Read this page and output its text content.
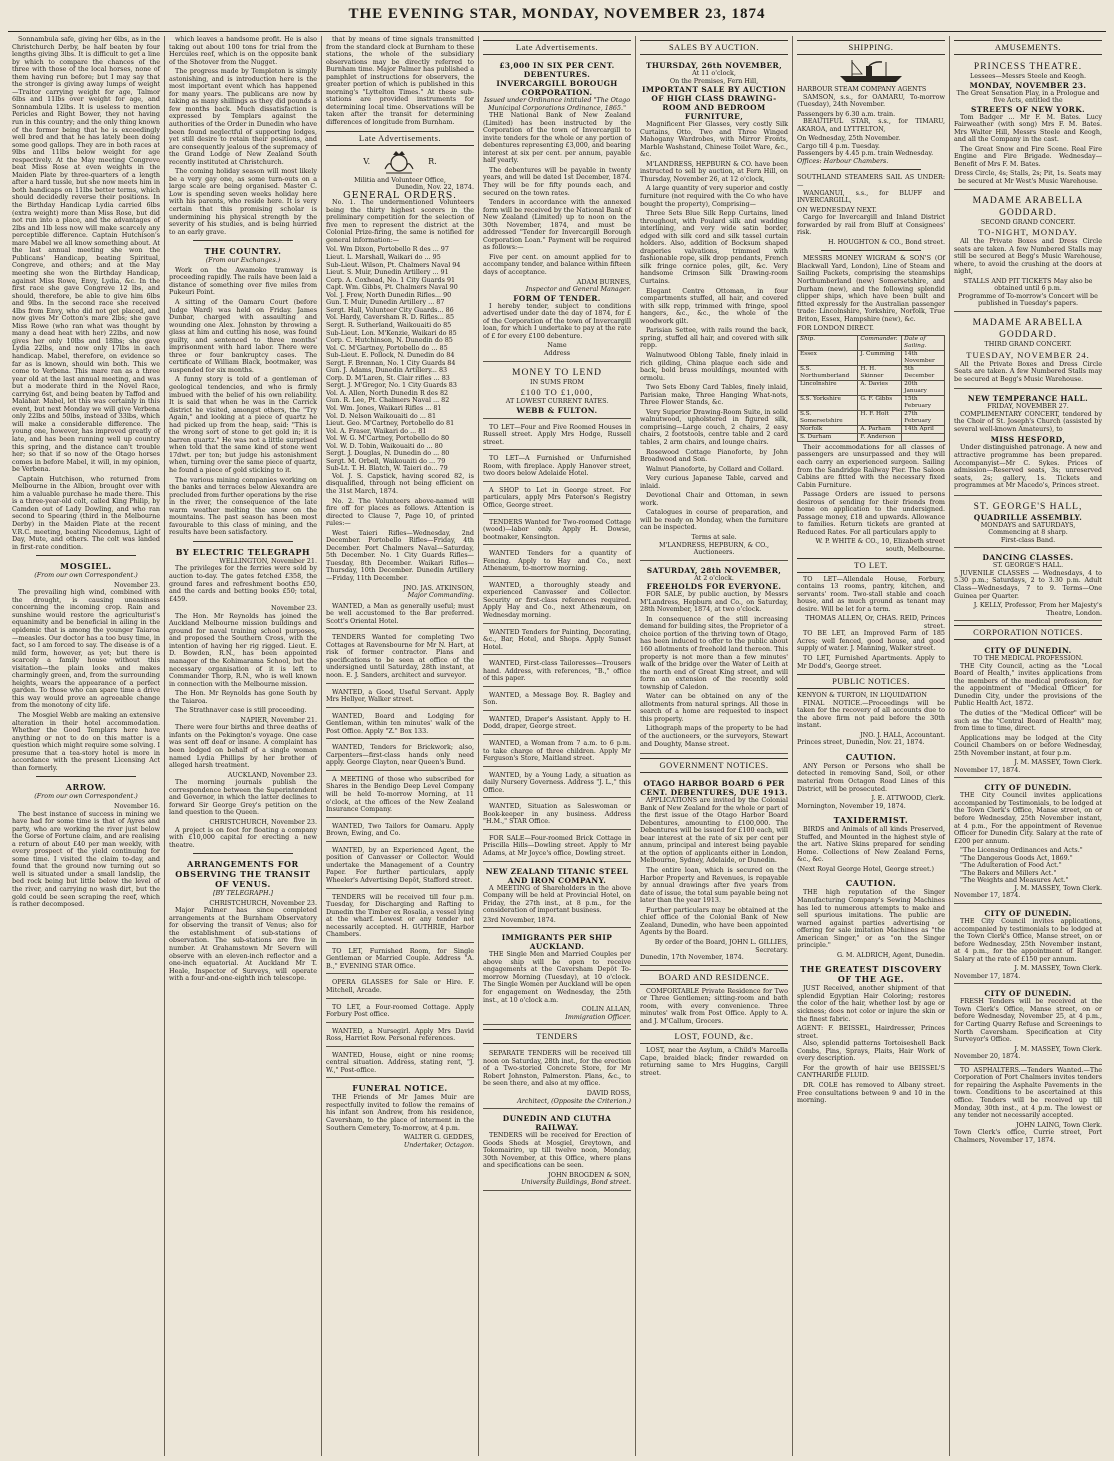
THE EVENING STAR, MONDAY, NOVEMBER 23, 1874

Sonnambula safe, giving her 6lbs, as in the Christchurch Derby, be half beaten by four lengths giving 3lbs. It is difficult to get a line by which to compare the chances of the three with those of the local horses, none of them having run before; but I may say that the stronger is giving away lumps of weight—Traitor carrying weight for age, Talmor 6lbs and 11lbs over weight for age, and Sonnambula 12lbs. It is useless to mention Pericles and Right Bower, they not having run in this country; and the only thing known of the former being that he is exceedingly well bred and that he has lately been doing some good gallops. They are in both races at 9lbs and 11lbs below weight for age respectively. At the May meeting Congreve beat Miss Rose at even weights in the Maiden Plate by three-quarters of a length after a hard tussle, but she now meets him in both handicaps on 11lbs better terms, which should decidedly reverse their positions. In the Birthday Handicap Lydia carried 6lbs (extra weight) more than Miss Rose, but did not run into a place, and the advantages of 2lbs and 1lb less now will make scarcely any perceptible difference. Captain Hutchison's mare Mabel we all know something about. At the last annual meeting she won the Publicans' Handicap, beating Spiritual, Congreve, and others; and at the May meeting she won the Birthday Handicap, against Miss Rowe, Envy, Lydia, &c. In the first race she gave Congreve 12 lbs, and should, therefore, be able to give him 6lbs and 9lbs. In the second race she received 4lbs from Envy, who did not get placed, and now gives Mr Cotton's mare 2lbs; she gave Miss Rowe (who ran what was thought by many a dead heat with her) 22lbs, and now gives her only 10lbs and 18lbs; she gave Lydia 22lbs, and now only 17lbs in each handicap. Mabel, therefore, on evidence so far as is known, should win both. This we come to Verbena. This mare ran as a three year old at the last annual meeting, and was but a moderate third in the Novel Race, carrying 6st, and being beaten by Taffod and Malahar. Mabel, let this was certainly in this event, but next Monday we will give Verbena only 22lbs and 50lbs, instead of 33lbs, which will make a considerable difference. The young one, however, has improved greatly of late, and has been running well up country this spring, and the distance can't trouble her; so that if so now of the Otago horses comes in before Mabel, it will, in my opinion, be Verbena.

Captain Hutchison, who returned from Melbourne in the Albion, brought over with him a valuable purchase he made there. This is a three-year-old colt, called King Philip, by Camden out of Lady Dowling, and who ran second to Spearing (third in the Melbourne Derby) in the Maiden Plate at the recent V.R.C. meeting, beating Nicodemus, Light of Day, Mute, and others. The colt was landed in first-rate condition.

MOSGIEL.
(From our own Correspondent.)
November 23.

The prevailing high wind, combined with the drought, is causing uneasiness concerning the incoming crop. Rain and sunshine would restore the agriculturist's equanimity and be beneficial in ailing in the epidemic that is among the younger Taiaroa—measles. Our doctor has a too busy time, in fact, so I am forced to say. The disease is of a mild form, however, as yet; but there is scarcely a family house without this visitation—the plain looks and makes charmingly green, and, from the surrounding heights, wears the appearance of a perfect garden. To those who can spare time a drive this way would prove an agreeable change from the monotony of city life.

The Mosgiel Webb are making an extensive alteration in their hotel accommodation. Whether the Good Templars here have anything or not to do on this matter is a question which might require some solving. I presume that a tea-story hotel is more in accordance with the present Licensing Act than formerly.

ARROW.
(From our own Correspondent.)
November 16.

The best instance of success in mining we have had for some time is that of Ayres and party, who are working the river just below the Gorse of Fortune claim, and are realising a return of about £40 per man weekly, with every prospect of the yield continuing for some time. I visited the claim to-day, and found that the ground now turning out so well is situated under a small landslip, the bed rock being but little below the level of the river, and carrying no wash dirt, but the gold could be seen scraping the reef, which is rather decomposed.

which leaves a handsome profit. He is also taking out about 100 tons for trial from the Hercules reef, which is on the opposite bank of the Shotover from the Nugget.

The progress made by Templeton is simply astonishing, and is introduction here is the most important event which has happened for many years. The publicans are now by taking as many shillings as they did pounds a few months back. Much dissatisfaction is expressed by Templars against the authorities of the Order in Dunedin who have been found neglectful of supporting lodges, yet still desire to retain their positions, and are consequently jealous of the supremacy of the Grand Lodge of New Zealand South recently instituted at Christchurch.

The coming holiday season will most likely be a very gay one, as some turn-outs on a large scale are being organised. Master C. Low is spending seven weeks holiday here with his parents, who reside here. It is very certain that this promising scholar is undermining his physical strength by the severity of his studies, and is being hurried to an early grave.

THE COUNTRY.
(From our Exchanges.)

Work on the Awamoko tramway is proceeding rapidly. The rails have been laid a distance of something over five miles from Pukeuri Point.

A sitting of the Oamaru Court (before Judge Ward) was held on Friday. James Dunbar, charged with assaulting and wounding one Alex. Johnston by throwing a glass at him and cutting his nose, was found guilty, and sentenced to three months' imprisonment with hard labor. There were three or four bankruptcy cases. The certificate of William Black, bootmaker, was suspended for six months.

A funny story is told of a gentleman of geological tendencies, and who is firmly imbued with the belief of his own reliability. It is said that when he was in the Carrick district he visited, amongst others, the "Try Again," and looking at a piece of quartz he had picked up from the heap, said: "This is the wrong sort of stone to get gold in; it is barren quartz." He was not a little surprised when told that the same kind of stone went 17dwt. per ton; but judge his astonishment when, turning over the same piece of quartz, he found a piece of gold sticking to it.

The various mining companies working on the banks and terraces below Alexandra are precluded from further operations by the rise in the river, the consequence of the late warm weather melting the snow on the mountains. The past season has been most favourable to this class of mining, and the results have been satisfactory.

BY ELECTRIC TELEGRAPH
WELLINGTON, November 21.

The privileges for the ferries were sold by auction to-day. The gates fetched £358, the ground fares and refreshment booths £50, and the cards and betting books £50; total, £459.

November 23.

The Hon. Mr Reynolds has joined the Auckland Melbourne mission buildings and ground for naval training school purposes, and proposed the Southern Cross, with the intention of having her rig rigged. Lieut. E. D. Bowden, R.N., has been appointed manager of the Kohimarama School, but the necessary organisation of it is left to Commander Thorp, R.N., who is well known in connection with the Melbourne mission.

The Hon. Mr Reynolds has gone South by the Taiaroa.

The Strathnaver case is still proceeding.

NAPIER, November 21.

There were four births and three deaths of infants on the Pekington's voyage. One case was sent off deaf or insane. A complaint has been lodged on behalf of a single woman named Lydia Phillips by her brother of alleged harsh treatment.

AUCKLAND, November 23.

The morning journals publish the correspondence between the Superintendent and Governor, in which the latter declines to forward Sir George Grey's petition on the land question to the Queen.

CHRISTCHURCH, November 23.

A project is on foot for floating a company with £10,000 capital for erecting a new theatre.

ARRANGEMENTS FOR OBSERVING THE TRANSIT OF VENUS.
[BY TELEGRAPH.]
CHRISTCHURCH, November 23.

Major Palmer has since completed arrangements at the Burnham Observatory for observing the transit of Venus; also for the establishment of sub-stations of observation. The sub-stations are five in number. At Grahamstown Mr Severn will observe with an eleven-inch reflector and a one-inch equatorial. At Auckland Mr T. Heale, Inspector of Surveys, will operate with a four-and-one-eighth inch telescope.

that by means of time signals transmitted from the standard clock at Burnham to these stations, the whole of the subsidiary observations may be directly referred to Burnham time. Major Palmer has published a pamphlet of instructions for observers, the greater portion of which is published in this morning's "Lyttelton Times." At these sub-stations are provided instruments for determining local time. Observations will be taken after the transit for determining differences of longitude from Burnham.

Late Advertisements.
V.	R.
Militia and Volunteer Office,
Dunedin, Nov. 22, 1874.
GENERAL ORDERS.

No. 1. The undermentioned Volunteers being the thirty highest scorers in the preliminary competition for the selection of five men to represent the district at the Colonial Prize-firing, the same is notified for general information:—

Vol. Wm Dixon, Portobello R des ... 97
Lieut. L. Marshall, Waikari do ... 95
Sub-Lieut. Wilson, Pt. Chalmers Naval 94
Lieut. S. Muir, Dunedin Artillery ... 91
Corp. A. Coxhead, No. 1 City Guards 91
Capt. Wm. Gibbs, Pt. Chalmers Naval 90
Vol. J. Frew, North Dunedin Rifles... 90
Gun. T. Muir, Dunedin Artillery ... 87
Sergt. Hall, Volunteer City Guards... 86
Vol. Hardy, Caversham R. D. Rifles... 85
Sergt. R. Sutherland, Waikouaiti do 85
Sub-Lieut. Lon. M'Kenzie, Waikari do 85
Corp. C. Hutchinson, N. Dunedin do 85
Vol. C. M'Gartney, Portobello do ... 85
Sub-Lieut. E. Pollock, N. Dunedin do 84
Sergt. F. Brennan, No. 1 City Guards 84
Gun. J. Adams, Dunedin Artillery... 83
Corp. D. M'Laren, St. Clair rifles ... 83
Sergt. J. M'Gregor, No. 1 City Guards 83
Vol. A. Allen, North Dunedin R des 82
Gun. R. Lee, Pt. Chalmers Naval ... 82
Vol. Wm. Jones, Waikari Rifles ... 81
Vol. D. Nelson Waikouaiti do ... 81
Lieut. Geo. M'Cartney, Portobello do 81
Vol. A. Fraser, Waikari do ... 81
Vol. W. G. M'Cartney, Portobello do 80
Vol. W. D. Tobin, Waikouaiti do ... 80
Sergt. J. Douglas, N. Dunedin do ... 80
Sergt. M. Orbell, Waikouaiti do ... 79
Sub-Lt. T. H. Blatch, W. Taieri do... 79

Vol. J. S. Capstick, having scored 82, is disqualified, through not being efficient on the 31st March, 1874.

No. 2. The Volunteers above-named will fire off for places as follows. Attention is directed to Clause 7, Page 10, of printed rules:—

West Taieri Rifles—Wednesday, 2nd December. Portobello Rifles—Friday, 4th December. Port Chalmers Naval—Saturday, 5th December. No. 1 City Guards Rifles—Tuesday, 8th December. Waikari Rifles—Thursday, 10th December. Dunedin Artillery—Friday, 11th December.

JNO. JAS. ATKINSON,
Major Commanding.

WANTED, a Man as generally useful; must be well accustomed to the Bar preferred. Scott's Oriental Hotel.

TENDERS Wanted for completing Two Cottages at Ravensbourne for Mr N. Hart, at risk of former contractor. Plans and specifications to be seen at office of the undersigned until Saturday, 28th instant, at noon. E. J. Sanders, architect and surveyor.

WANTED, a Good, Useful Servant. Apply Mrs Hellyer, Walker street.

WANTED, Board and Lodging for Gentleman, within ten minutes' walk of the Post Office. Apply "Z." Box 133.

WANTED, Tenders for Brickwork; also, Carpenters—first-class hands only need apply. George Clayton, near Queen's Bund.

A MEETING of those who subscribed for Shares in the Bendigo Deep Level Company will be held To-morrow Morning, at 11 o'clock, at the offices of the New Zealand Insurance Company.

WANTED, Two Tailors for Oamaru. Apply Brown, Ewing, and Co.

WANTED, by an Experienced Agent, the position of Canvasser or Collector. Would undertake the Management of a Country Paper. For further particulars, apply Wheeler's Advertising Depôt, Stafford street.

TENDERS will be received till four p.m. Tuesday, for Discharging and Rafting to Dunedin the Timber ex Rosalia, a vessel lying at the wharf. Lowest or any tender not necessarily accepted. H. GUTHRIE, Harbor Chambers.

TO LET, Furnished Room, for Single Gentleman or Married Couple. Address "A. B.," EVENING STAR Office.

OPERA GLASSES for Sale or Hire. F. Mitchell, Arcade.

TO LET, a Four-roomed Cottage. Apply Forbury Post office.

WANTED, a Nursegirl. Apply Mrs David Ross, Harriet Row. Personal references.

WANTED, House, eight or nine rooms; central situation. Address, stating rent, "J. W.," Post-office.

FUNERAL NOTICE.

THE Friends of Mr James Muir are respectfully invited to follow the remains of his infant son Andrew, from his residence, Caversham, to the place of interment in the Southern Cemetery, To-morrow, at 4 p.m.

WALTER G. GEDDES,
Undertaker, Octagon.
Late Advertisements.
£3,000 IN SIX PER CENT. DEBENTURES.
INVERCARGILL BOROUGH CORPORATION.
Issued under Ordinance intituled "The Otago Municipal Corporations Ordinance, 1865."

THE National Bank of New Zealand (Limited) has been instructed by the Corporation of the town of Invercargill to invite tenders for the whole or any portion of debentures representing £3,000, and bearing interest at six per cent. per annum, payable half yearly.

The debentures will be payable in twenty years, and will be dated 1st December, 1874. They will be for fifty pounds each, and secured on the town rates.

Tenders in accordance with the annexed form will be received by the National Bank of New Zealand (Limited) up to noon on the 30th November, 1874, and must be addressed "Tender for Invercargill Borough Corporation Loan." Payment will be required as follows:—

Five per cent. on amount applied for to accompany tender, and balance within fifteen days of acceptance.

ADAM BURNES,
Inspector and General Manager.
FORM OF TENDER.

I hereby tender, subject to conditions advertised under date the day of 1874, for £ of the Corporation of the town of Invercargill loan, for which I undertake to pay at the rate of £ for every £100 debenture.

Name
Address
MONEY TO LEND
IN SUMS FROM
£100 TO £1,000,
AT LOWEST CURRENT RATES.
WEBB & FULTON.

TO LET—Four and Five Roomed Houses in Russell street. Apply Mrs Hodge, Russell street.

TO LET—A Furnished or Unfurnished Room, with fireplace. Apply Hanover street, two doors below Adelaide Hotel.

A SHOP to Let in George street. For particulars, apply Mrs Paterson's Registry Office, George street.

TENDERS Wanted for Two-roomed Cottage (wood)—labor only. Apply H. Dowse, bootmaker, Kensington.

WANTED Tenders for a quantity of Fencing. Apply to Hay and Co., next Athenæum, to-morrow morning.

WANTED, a thoroughly steady and experienced Canvasser and Collector. Security or first-class references required. Apply Hay and Co., next Athenæum, on Wednesday morning.

WANTED Tenders for Painting, Decorating, &c., Bar, Hotel, and Shops. Apply Sunset Hotel.

WANTED, First-class Tailoresses—Trousers hand. Address, with references, "B.," office of this paper.

WANTED, a Message Boy. R. Bagley and Son.

WANTED, Draper's Assistant. Apply to H. Dodd, draper, George street.

WANTED, a Woman from 7 a.m. to 6 p.m. to take charge of three children. Apply Mr Ferguson's Store, Maitland street.

WANTED, by a Young Lady, a situation as daily Nursery Governess. Address "J. L.," this Office.

WANTED, Situation as Saleswoman or Book-keeper in any business. Address "H.M.," STAR Office.

FOR SALE—Four-roomed Brick Cottage in Priscilla Hills—Dowling street. Apply to Mr Adams, at Mr Joyce's office, Dowling street.

NEW ZEALAND TITANIC STEEL AND IRON COMPANY.

A MEETING of Shareholders in the above Company will be held at Provincial Hotel, on Friday, the 27th inst., at 8 p.m., for the consideration of important business.

23rd November, 1874.
IMMIGRANTS PER SHIP AUCKLAND.

THE Single Men and Married Couples per above ship will be open to receive engagements at the Caversham Depôt To-morrow Morning (Tuesday), at 10 o'clock. The Single Women per Auckland will be open for engagement on Wednesday, the 25th inst., at 10 o'clock a.m.

COLIN ALLAN,
Immigration Officer.
TENDERS

SEPARATE TENDERS will be received till noon on Saturday, 28th inst., for the erection of a Two-storied Concrete Store, for Mr Robert Johnston, Palmerston. Plans, &c., to be seen there, and also at my office.

DAVID ROSS,
Architect, (Opposite the Criterion.)
DUNEDIN AND CLUTHA RAILWAY.

TENDERS will be received for Erection of Goods Sheds at Mosgiel, Greytown, and Tokomairiro, up till twelve noon, Monday, 30th November, at this Office, where plans and specifications can be seen.

JOHN BROGDEN & SON,
University Buildings, Bond street.
SALES BY AUCTION.
THURSDAY, 26th NOVEMBER,
At 11 o'clock,
On the Premises, Fern Hill,
IMPORTANT SALE BY AUCTION OF HIGH CLASS DRAWING-ROOM AND BEDROOM FURNITURE,

Magnificent Pier Glasses, very costly Silk Curtains, Otto, Two and Three Winged Mahogany Wardrobes, with Mirror Fronts, Marble Washstand, Chinese Toilet Ware, &c., &c.

M'LANDRESS, HEPBURN & CO. have been instructed to sell by auction, at Fern Hill, on Thursday, November 26, at 12 o'clock,

A large quantity of very superior and costly furniture (not required with the Co who have bought the property), Comprising—

Three Sets Blue Silk Repp Curtains, lined throughout, with Poulard silk and wadding interlining, and very wide satin border, edged with silk cord and silk tassel curtain holders. Also, addition of Bocksum shaped draperies valvations, trimmed with fashionable rope, silk drop pendants, French silk fringe cornice poles, gilt, &c. Very handsome Crimson Silk Drawing-room Curtains.

Elegant Centre Ottoman, in four compartments stuffed, all hair, and covered with silk repp, trimmed with fringe, spool hangers, &c., &c., the whole of the woodwork gilt.

Parisian Settee, with rails round the back, spring, stuffed all hair, and covered with silk repp.

Walnutwood Oblong Table, finely inlaid in rich gilding, China plaque each side and back, bold brass mouldings, mounted with ormolu.

Two Sets Ebony Card Tables, finely inlaid, Parisian make, Three Hanging What-nots, Three Flower Stands, &c.

Very Superior Drawing-Room Suite, in solid walnutwood, upholstered in figured silk, comprising—Large couch, 2 chairs, 2 easy chairs, 2 footstools, centre table and 2 card tables, 2 arm chairs, and lounge chairs.

Rosewood Cottage Pianoforte, by John Broadwood and Son.

Walnut Pianoforte, by Collard and Collard.

Very curious Japanese Table, carved and inlaid.

Devotional Chair and Ottoman, in sewn work.

Catalogues in course of preparation, and will be ready on Monday, when the furniture can be inspected.

Terms at sale.
M'LANDRESS, HEPBURN, & CO., Auctioneers.
SATURDAY, 28th NOVEMBER,
At 2 o'clock.
FREEHOLDS FOR EVERYONE.

FOR SALE, by public auction, by Messrs M'Landress, Hepburn and Co., on Saturday, 28th November, 1874, at two o'clock.

In consequence of the still increasing demand for building sites, the Proprietor of a choice portion of the thriving town of Otago, has been induced to offer to the public about 160 allotments of freehold land thereon. This property is not more than a few minutes' walk of the bridge over the Water of Leith at the north end of Great King street, and will form an extension of the recently sold township of Caledon.

Water can be obtained on any of the allotments from natural springs. All those in search of a home are requested to inspect this property.

Lithograph maps of the property to be had of the auctioneers, or the surveyors, Stewart and Doughty, Manse street.

GOVERNMENT NOTICES.
OTAGO HARBOR BOARD 6 PER CENT. DEBENTURES, DUE 1913.

APPLICATIONS are invited by the Colonial Bank of New Zealand for the whole or part of the first issue of the Otago Harbor Board Debentures, amounting to £100,000. The Debentures will be issued for £100 each, will bear interest at the rate of six per cent per annum, principal and interest being payable at the option of applicants either in London, Melbourne, Sydney, Adelaide, or Dunedin.

The entire loan, which is secured on the Harbor Property and Revenues, is repayable by annual drawings after five years from date of issue, the total sum payable being not later than the year 1913.

Further particulars may be obtained at the chief office of the Colonial Bank of New Zealand, Dunedin, who have been appointed Agents by the Board.

By order of the Board, JOHN L. GILLIES, Secretary.
Dunedin, 17th November, 1874.
BOARD AND RESIDENCE.

COMFORTABLE Private Residence for Two or Three Gentlemen; sitting-room and bath room, with every convenience. Three minutes' walk from Post Office. Apply to A. and J. M'Callum, Grocers.

LOST, FOUND, &c.

LOST, near the Asylum, a Child's Marcella Cape, braided black; finder rewarded on returning same to Mrs Huggins, Cargill street.

SHIPPING.
HARBOUR STEAM COMPANY AGENTS

SAMSON, s.s., for OAMARU, To-morrow (Tuesday), 24th November.

Passengers by 6.30 a.m. train.

BEAUTIFUL STAR, s.s., for TIMARU, AKAROA, and LYTTELTON,

On Wednesday, 25th November.
Cargo till 4 p.m. Tuesday.
Passengers by 4.45 p.m. train Wednesday.
Offices: Harbour Chambers.
SOUTHLAND STEAMERS SAIL AS UNDER:—

WANGANUI, s.s., for BLUFF and INVERCARGILL,

ON WEDNESDAY NEXT.

Cargo for Invercargill and Inland District forwarded by rail from Bluff at Consignees' risk.

H. HOUGHTON & CO., Bond street.

MESSRS MONEY WIGRAM & SON'S (Of Blackwall Yard, London), Line of Steam and Sailing Packets, comprising the steamships Northumberland (new) Somersetshire, and Durham (new), and the following splendid clipper ships, which have been built and fitted expressly for the Australian passenger trade: Lincolnshire, Yorkshire, Norfolk, True Briton, Essex, Hampshire (new), &c.

FOR LONDON DIRECT.
Ship.	Commander.	Date of Sailing.
Essex	J. Cumming	14th November
S.S. Northumberland	H. H. Skinner	5th December
Lincolnshire	A. Davies	20th January
S.S. Yorkshire	G. F. Gibbs	15th February
S.S. Somersetshire	H. F. Holt	27th February
Norfolk	A. Parham	14th April
S. Durham	F. Anderson	

Their accommodations for all classes of passengers are unsurpassed and they will each carry an experienced surgeon. Sailing from the Sandridge Railway Pier. The Saloon Cabins are fitted with the necessary fixed Cabin Furniture.

Passage Orders are issued to persons desirous of sending for their friends from home on application to the undersigned. Passage money, £18 and upwards. Allowance to families. Return tickets are granted at Reduced Rates. For all particulars apply to

W. P. WHITE & CO., 10, Elizabeth street south, Melbourne.
TO LET.

TO LET—Allendale House, Forbury, contains 13 rooms, pantry, kitchen, and servants' room. Two-stall stable and coach house, and as much ground as tenant may desire. Will be let for a term.

THOMAS ALLEN, Or, CHAS. REID, Princes street.

TO BE LET, an Improved Farm of 185 Acres; well fenced, good house, and good supply of water. J. Manning, Walker street.

TO LET, Furnished Apartments. Apply to Mr Dodd's, George street.

PUBLIC NOTICES.
KENYON & TURTON, IN LIQUIDATION

FINAL NOTICE.—Proceedings will be taken for the recovery of all accounts due to the above firm not paid before the 30th instant.

JNO. J. HALL, Accountant.
Princes street, Dunedin, Nov. 21, 1874.
CAUTION.

ANY Person or Persons who shall be detected in removing Sand, Soil, or other material from Octagon Road Lines of this District, will be prosecuted.

J. E. ATTWOOD, Clerk.
Mornington, November 19, 1874.
TAXIDERMIST.

BIRDS and Animals of all kinds Preserved, Stuffed, and Mounted in the highest style of the art. Native Skins prepared for sending Home. Collections of New Zealand Ferns, &c., &c.

(Next Royal George Hotel, George street.)
CAUTION.

THE high reputation of the Singer Manufacturing Company's Sewing Machines has led to numerous attempts to make and sell spurious imitations. The public are warned against parties advertising or offering for sale imitation Machines as "the American Singer," or as "on the Singer principle."

G. M. ALDRICH, Agent, Dunedin.
THE GREATEST DISCOVERY OF THE AGE.

JUST Received, another shipment of that splendid Egyptian Hair Coloring; restores the color of the hair, whether lost by age or sickness; does not color or injure the skin or the finest fabric.

AGENT: F. BEISSEL, Hairdresser, Princes street.

Also, splendid patterns Tortoiseshell Back Combs, Pins, Sprays, Plaits, Hair Work of every description.

For the growth of hair use BEISSEL'S CANTHARIDE FLUID.

DR. COLE has removed to Albany street. Free consultations between 9 and 10 in the morning.

AMUSEMENTS.
PRINCESS THEATRE.
Lessees—Messrs Steele and Keogh.
MONDAY, NOVEMBER 23.
The Great Sensation Play, in a Prologue and five Acts, entitled the
STREETS OF NEW YORK.

Tom Badger ... Mr F. M. Bates. Lucy Fairweather (with song) Mrs F. M. Bates. Mrs Walter Hill, Messrs Steele and Keogh, and all the Company in the cast.

The Great Snow and Fire Scene. Real Fire Engine and Fire Brigade. Wednesday—Benefit of Mrs F. M. Bates.

Dress Circle, 4s; Stalls, 2s; Pit, 1s. Seats may be secured at Mr West's Music Warehouse.
MADAME ARABELLA GODDARD.
SECOND GRAND CONCERT.
TO-NIGHT, MONDAY.

All the Private Boxes and Dress Circle seats are taken. A few Numbered Stalls may still be secured at Begg's Music Warehouse, where, to avoid the crushing at the doors at night,

STALLS AND PIT TICKETS May also be obtained until 6 p.m.
Programme of To-morrow's Concert will be published in Tuesday's papers.
MADAME ARABELLA GODDARD.
THIRD GRAND CONCERT.
TUESDAY, NOVEMBER 24.

All the Private Boxes and Dress Circle Seats are taken. A few Numbered Stalls may be secured at Begg's Music Warehouse.

NEW TEMPERANCE HALL.
FRIDAY, NOVEMBER 27.

COMPLIMENTARY CONCERT, tendered by the Choir of St. Joseph's Church (assisted by several well-known Amateurs), to

MISS HESFORD,

Under distinguished patronage. A new and attractive programme has been prepared. Accompanyist—Mr C. Sykes. Prices of admission—Reserved seats, 3s; unreserved seats, 2s; gallery, 1s. Tickets and programmes at Mr Macedo's, Princes street.

ST. GEORGE'S HALL,
QUADRILLE ASSEMBLY.
MONDAYS and SATURDAYS,
Commencing at 8 sharp.
First-class Band.
DANCING CLASSES.
ST. GEORGE'S HALL.

JUVENILE CLASSES — Wednesdays, 4 to 5.30 p.m.; Saturdays, 2 to 3.30 p.m. Adult Class—Wednesdays, 7 to 9. Terms—One Guinea per Quarter.

J. KELLY, Professor, From her Majesty's Theatre, London.
CORPORATION NOTICES.
CITY OF DUNEDIN.
TO THE MEDICAL PROFESSION.

THE City Council, acting as the "Local Board of Health," invites applications from the members of the medical profession, for the appointment of "Medical Officer" for Dunedin City, under the provisions of the Public Health Act, 1872.

The duties of the "Medical Officer" will be such as the "Central Board of Health" may, from time to time, direct.

Applications may be lodged at the City Council Chambers on or before Wednesday, 25th November instant, at four p.m.

J. M. MASSEY, Town Clerk.
November 17, 1874.
CITY OF DUNEDIN.

THE City Council invites applications accompanied by Testimonials, to be lodged at the Town Clerk's Office, Manse street, on or before Wednesday, 25th November instant, at 4 p.m., For the appointment of Revenue Officer for Dunedin City. Salary at the rate of £200 per annum.

"The Licensing Ordinances and Acts."
"The Dangerous Goods Act, 1869."
"The Adulteration of Food Act."
"The Bakers and Millers Act."
"The Weights and Measures Act."
J. M. MASSEY, Town Clerk.
November 17, 1874.
CITY OF DUNEDIN.

THE City Council invites applications, accompanied by testimonials to be lodged at the Town Clerk's Office, Manse street, on or before Wednesday, 25th November instant, at 4 p.m., for the appointment of Ranger. Salary at the rate of £150 per annum.

J. M. MASSEY, Town Clerk.
November 17, 1874.
CITY OF DUNEDIN.

FRESH Tenders will be received at the Town Clerk's Office, Manse street, on or before Wednesday, November 25, at 4 p.m., for Carting Quarry Refuse and Screenings to North Caversham. Specification at City Surveyor's Office.

J. M. MASSEY, Town Clerk.
November 20, 1874.

TO ASPHALTERS.—Tenders Wanted.—The Corporation of Port Chalmers invites tenders for repairing the Asphalte Pavements in the town. Conditions to be ascertained at this office. Tenders will be received up till Monday, 30th inst., at 4 p.m. The lowest or any tender not necessarily accepted.

JOHN LAING, Town Clerk.
Town Clerk's office, Currie street, Port Chalmers, November 17, 1874.
